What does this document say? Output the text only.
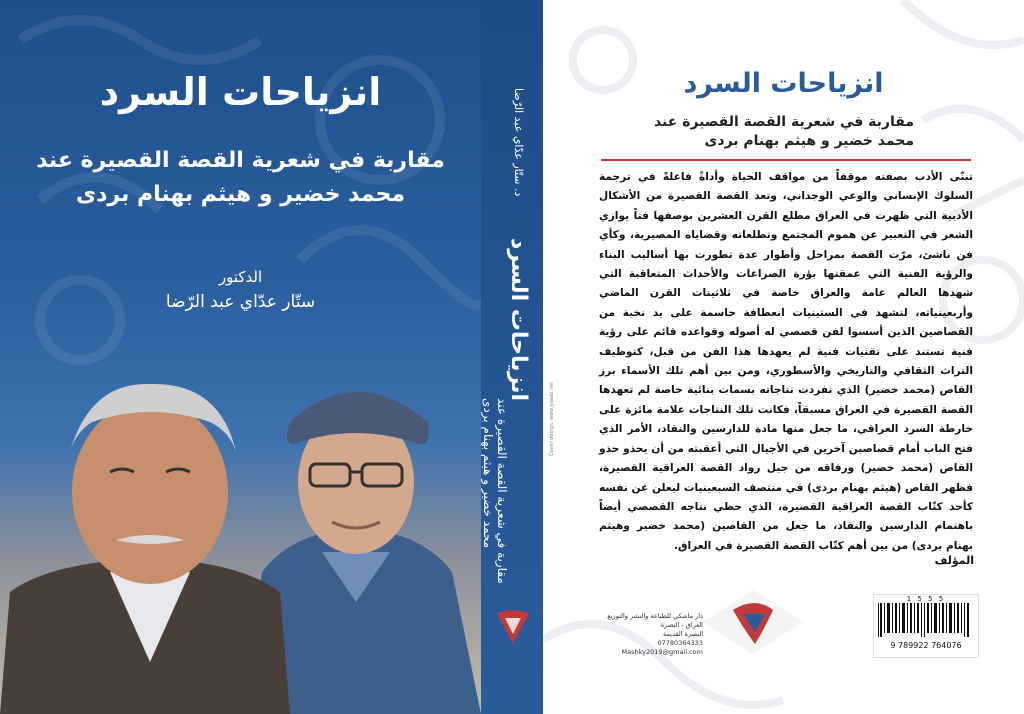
انزياحات السرد
مقاربة في شعرية القصة القصيرة عند
محمد خضير و هيثم بهنام بردى
الدكتور
ستّار عدّاي عبد الرّضا
د. ستّار عدّاي عبد الرّضا
انزياحات السرد
مقاربة في شعرية القصة القصيرة عند
محمد خضير و هيثم بهنام بردى
انزياحات السرد
مقاربة في شعرية القصة القصيرة عند
محمد خضير و هيثم بهنام بردى
تبنّى الأدب بصفته موقفاً من مواقف الحياة وأداةً فاعلةً في ترجمة السلوك الإنساني والوعي الوجداني، وتعد القصة القصيرة من الأشكال الأدبية التي ظهرت في العراق مطلع القرن العشرين بوصفها فناً يوازي الشعر في التعبير عن هموم المجتمع وتطلعاته وقضاياه المصيرية، وكأي فن ناشئ، مرّت القصة بمراحل وأطوار عدة تطورت بها أساليب البناء والرؤية الفنية التي عمقتها بؤرة الصراعات والأحداث المتعاقبة التي شهدها العالم عامة والعراق خاصة في ثلاثينات القرن الماضي وأربعينياته، لتشهد في الستينيات انعطافة حاسمة على يد نخبة من القصاصين الذين أسسوا لفن قصصي له أصوله وقواعده قائم على رؤية فنية تستند على تقنيات فنية لم يعهدها هذا الفن من قبل، كتوظيف التراث الثقافي والتاريخي والأسطوري، ومن بين أهم تلك الأسماء برز القاص (محمد خضير) الذي تفردت نتاجاته بسمات بنائية خاصة لم تعهدها القصة القصيرة في العراق مسبقاً، فكانت تلك النتاجات علامة مائزة على خارطة السرد العراقي، ما جعل منها مادة للدارسين والنقاد، الأمر الذي فتح الباب أمام قصاصين آخرين في الأجيال التي أعقبته من أن يحذو حذو القاص (محمد خضير) ورفاقه من جيل رواد القصة العراقية القصيرة، فظهر القاص (هيثم بهنام بردى) في منتصف السبعينيات ليعلن عن نفسه كأحد كتّاب القصة العراقية القصيرة، الذي حظي نتاجه القصصي أيضاً باهتمام الدارسين والنقاد، ما جعل من القاصين (محمد خضير وهيثم بهنام بردى) من بين أهم كتّاب القصة القصيرة في العراق.
المؤلف
Cover design: www.ysaab.net
دار ماشكي للطباعة والنشر والتوزيع
العراق - البصرة
البصرة القديمة
07780364333
Mashky2019@gmail.com
1 5 5 5
9 789922 764076
